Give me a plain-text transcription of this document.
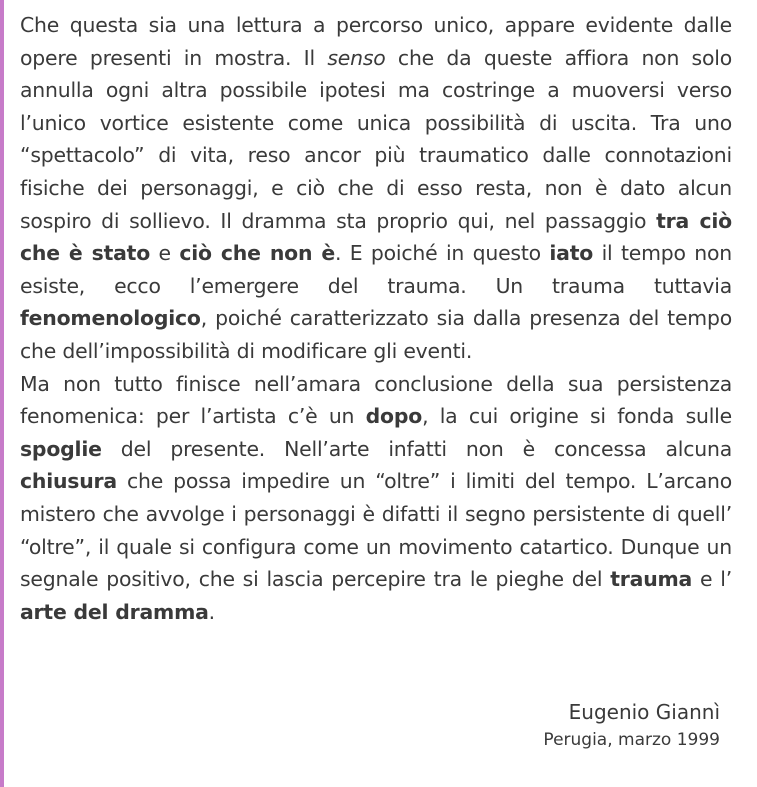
Che questa sia una lettura a percorso unico, appare evidente dalle opere presenti in mostra. Il senso che da queste affiora non solo annulla ogni altra possibile ipotesi ma costringe a muoversi verso l’unico vortice esistente come unica possibilità di uscita. Tra uno “spettacolo” di vita, reso ancor più traumatico dalle connotazioni fisiche dei personaggi, e ciò che di esso resta, non è dato alcun sospiro di sollievo. Il dramma sta proprio qui, nel passaggio tra ciò che è stato e ciò che non è. E poiché in questo iato il tempo non esiste, ecco l’emergere del trauma. Un trauma tuttavia fenomenologico, poiché caratterizzato sia dalla presenza del tempo che dell’impossibilità di modificare gli eventi.

Ma non tutto finisce nell’amara conclusione della sua persistenza fenomenica: per l’artista c’è un dopo, la cui origine si fonda sulle spoglie del presente. Nell’arte infatti non è concessa alcuna chiusura che possa impedire un “oltre” i limiti del tempo. L’arcano mistero che avvolge i personaggi è difatti il segno persistente di quell’ “oltre”, il quale si configura come un movimento catartico. Dunque un segnale positivo, che si lascia percepire tra le pieghe del trauma e l’ arte del dramma.

Eugenio Giannì
Perugia, marzo 1999
